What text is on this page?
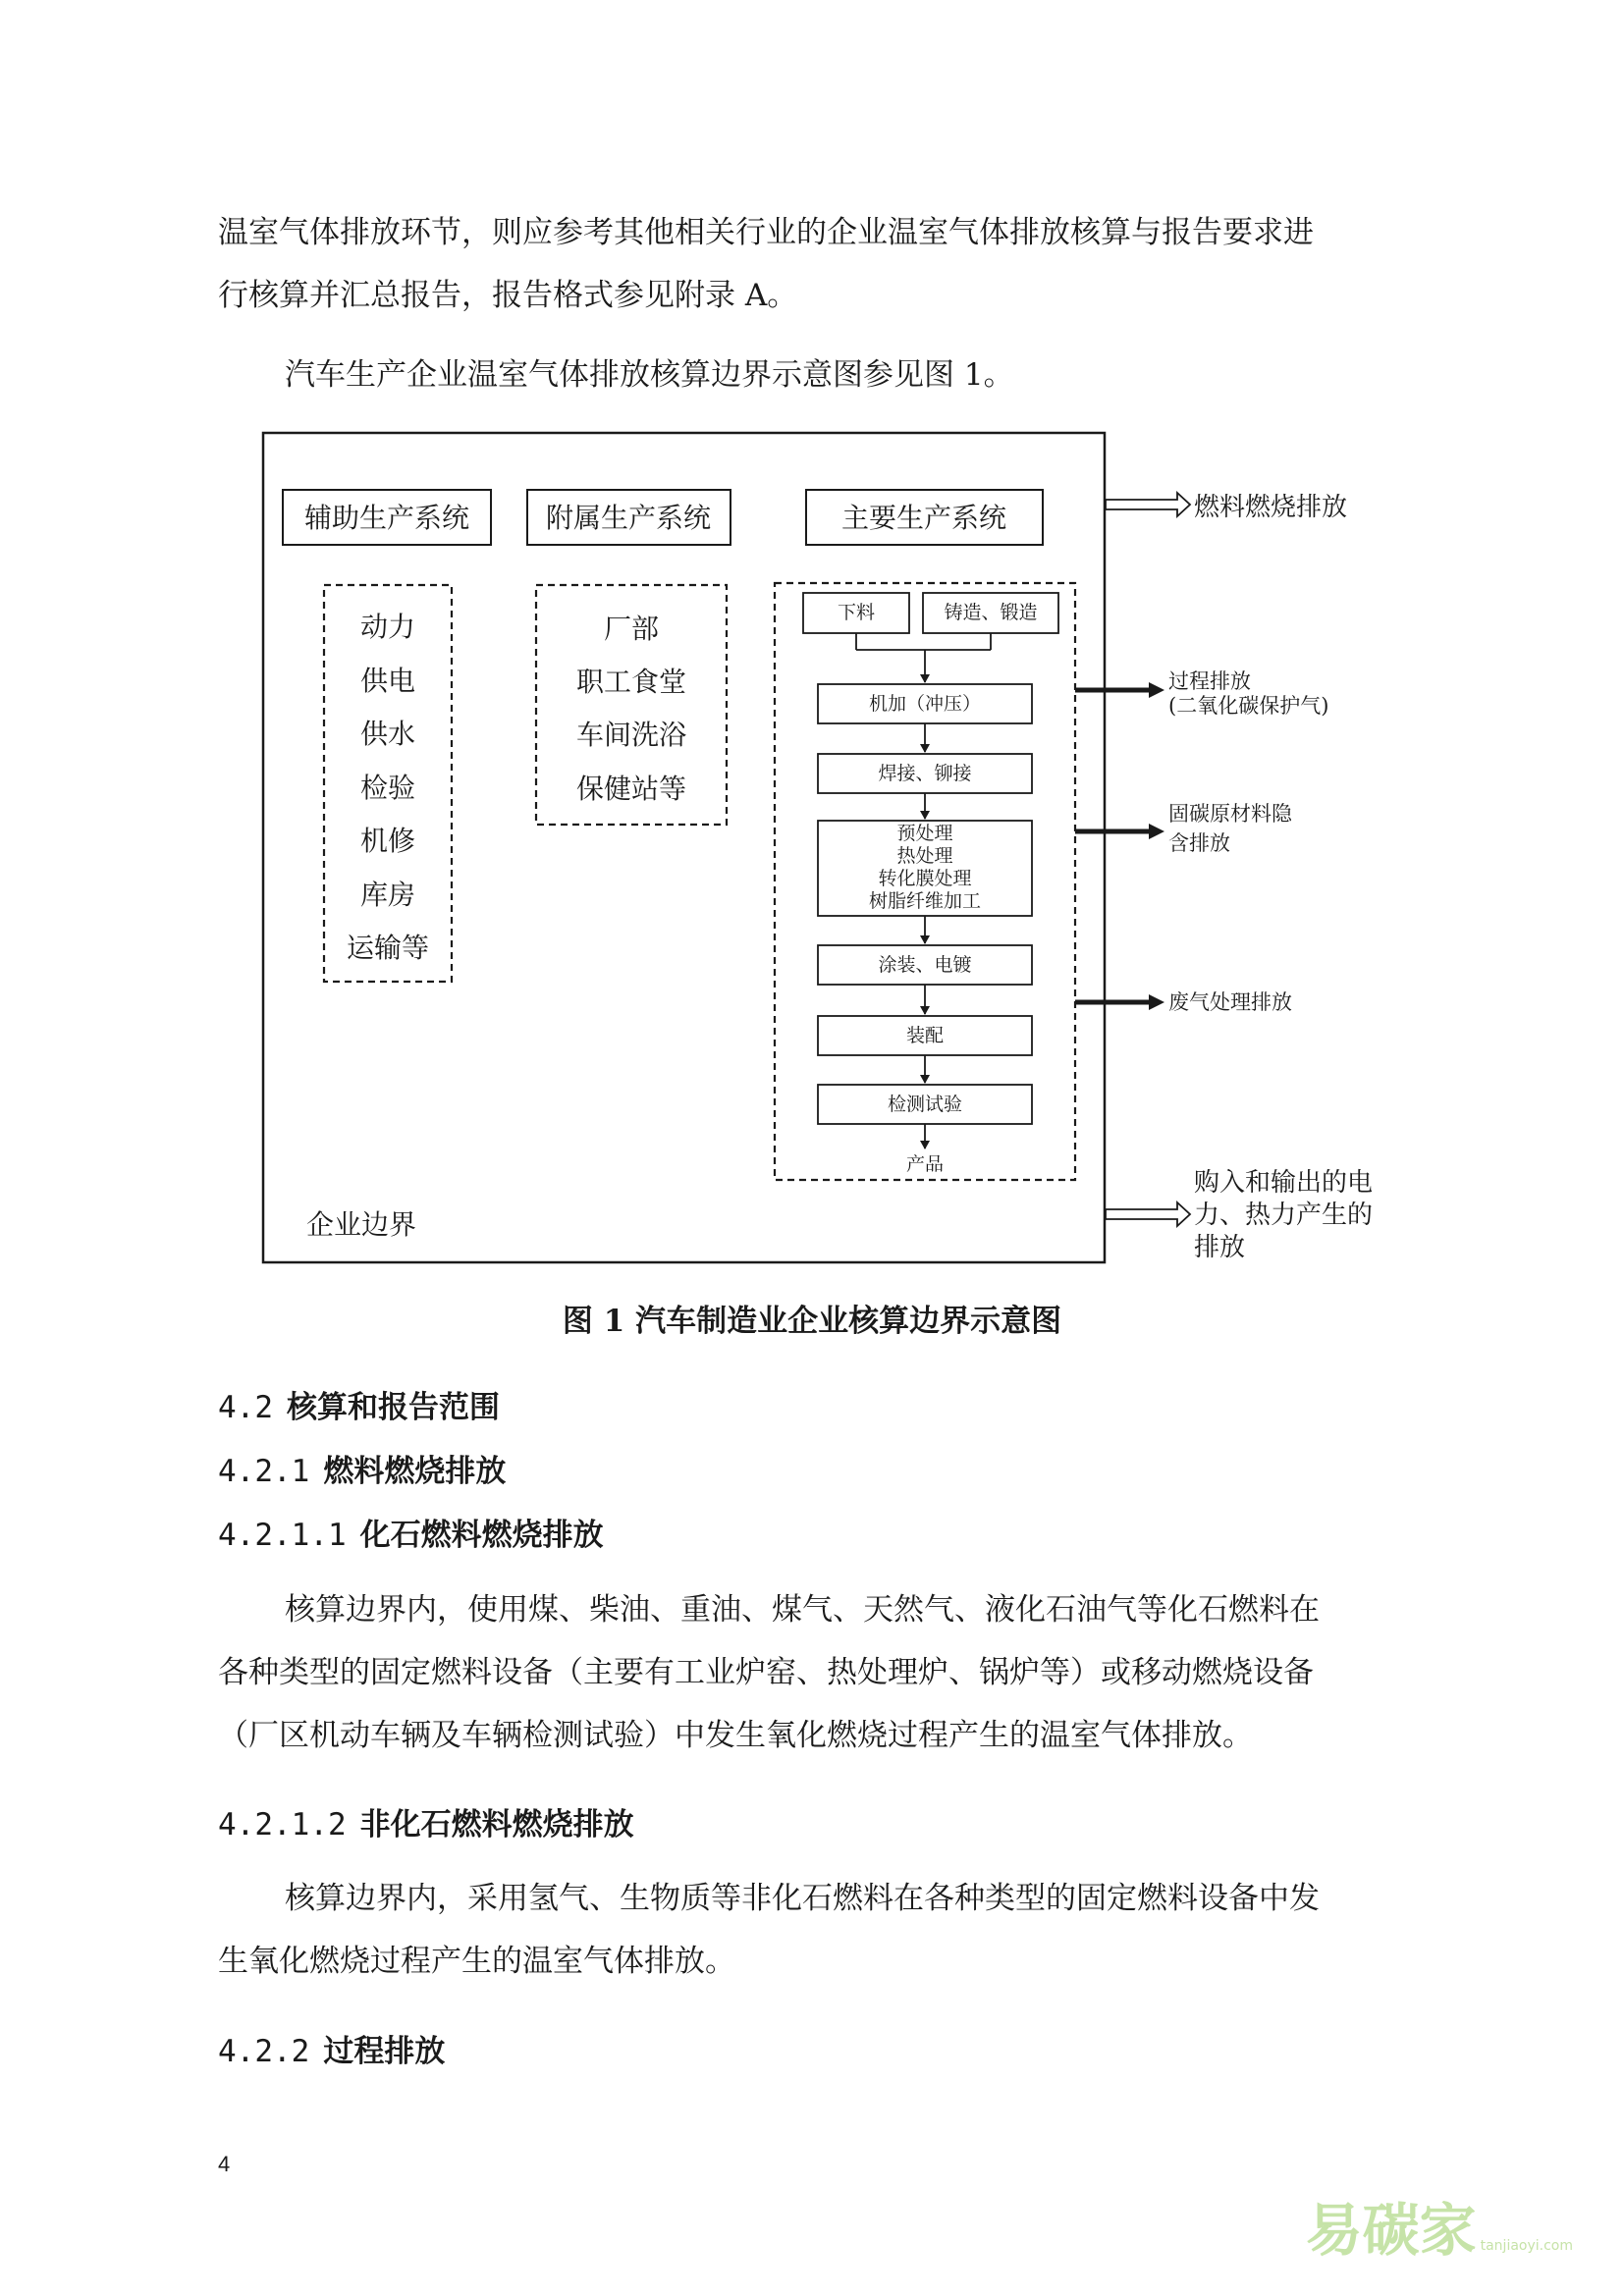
温室气体排放环节，则应参考其他相关行业的企业温室气体排放核算与报告要求进

行核算并汇总报告，报告格式参见附录 A。

汽车生产企业温室气体排放核算边界示意图参见图 1。
企业边界
辅助生产系统	附属生产系统	主要生产系统
动力
供电
供水
检验
机修
库房
运输等
厂部
职工食堂
车间洗浴
保健站等
下料	铸造、锻造
机加（冲压）
焊接、铆接
预处理
热处理
转化膜处理
树脂纤维加工
涂装、电镀
装配
检测试验
产品
燃料燃烧排放
过程排放
(二氧化碳保护气)
固碳原材料隐
含排放
废气处理排放
购入和输出的电
力、热力产生的
排放
图 1 汽车制造业企业核算边界示意图
4.2 核算和报告范围
4.2.1 燃料燃烧排放
4.2.1.1 化石燃料燃烧排放

核算边界内，使用煤、柴油、重油、煤气、天然气、液化石油气等化石燃料在

各种类型的固定燃料设备（主要有工业炉窑、热处理炉、锅炉等）或移动燃烧设备

（厂区机动车辆及车辆检测试验）中发生氧化燃烧过程产生的温室气体排放。

4.2.1.2 非化石燃料燃烧排放

核算边界内，采用氢气、生物质等非化石燃料在各种类型的固定燃料设备中发

生氧化燃烧过程产生的温室气体排放。

4.2.2 过程排放
4
易碳家 tanjiaoyi.com
